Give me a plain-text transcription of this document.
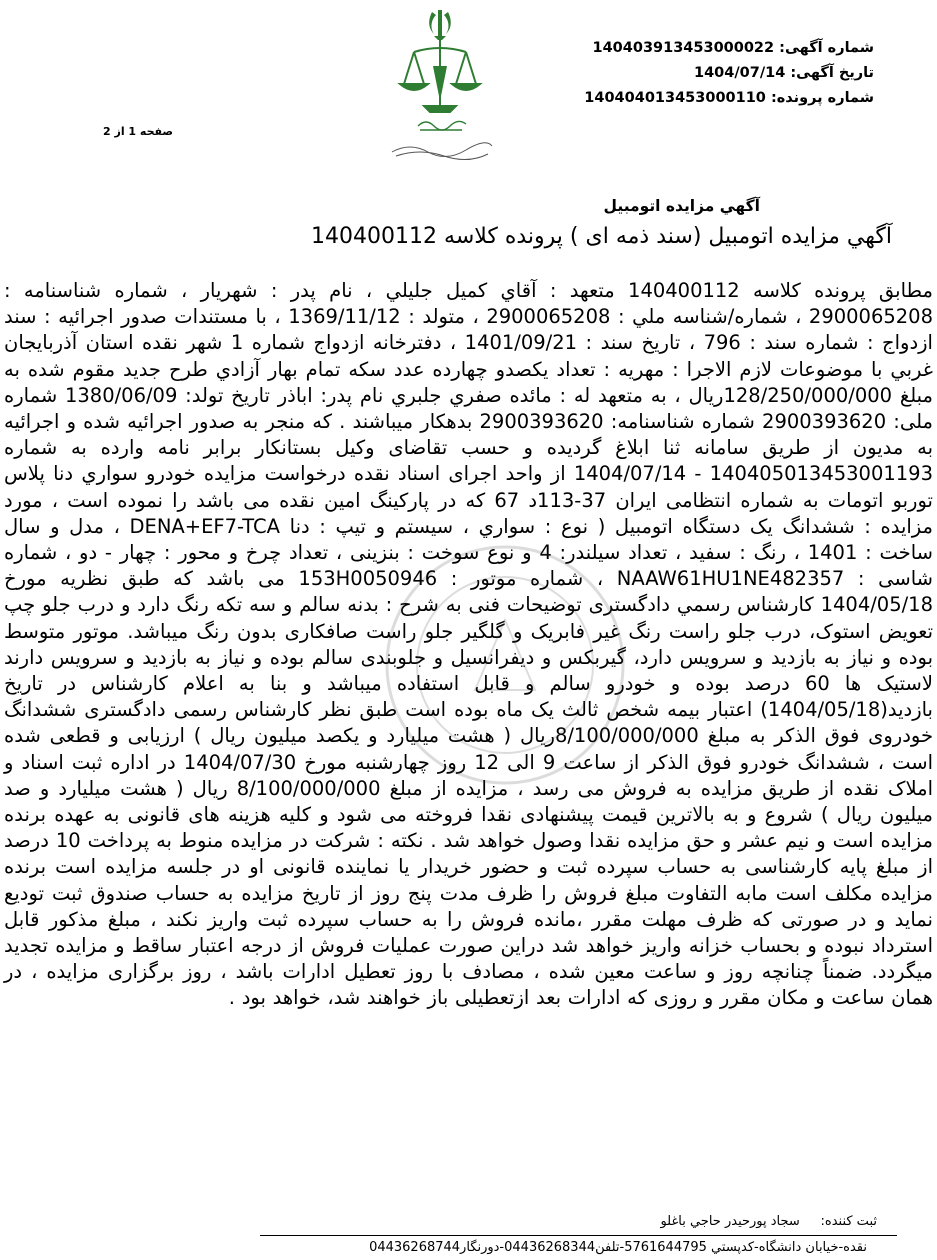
شماره آگهی: 140403913453000022
تاریخ آگهی: 1404/07/14
شماره پرونده: 140404013453000110
صفحه 1 از 2
آگهي مزايده اتومبيل
آگهي مزايده اتومبيل (سند ذمه ای ) پرونده کلاسه 140400112
مطابق پرونده كلاسه 140400112 متعهد : آقاي كميل جليلي ، نام پدر : شهريار ، شماره شناسنامه : 2900065208 ، شماره/شناسه ملي : 2900065208 ، متولد : 1369/11/12 ، با مستندات صدور اجرائيه : سند ازدواج : شماره سند : 796 ، تاريخ سند : 1401/09/21 ، دفترخانه ازدواج شماره 1 شهر نقده استان آذربايجان غربي با موضوعات لازم الاجرا : مهريه : تعداد يكصدو چهارده عدد سكه تمام بهار آزادي طرح جديد مقوم شده به مبلغ 128/250/000/000ريال ، به متعهد له : مائده صفري جلبري نام پدر: اباذر تاريخ تولد: 1380/06/09 شماره ملی: 2900393620 شماره شناسنامه: 2900393620 بدهكار ميباشند . كه منجر به صدور اجرائيه شده و اجرائيه به مديون از طريق سامانه ثنا ابلاغ گرديده و حسب تقاضای وكيل بستانكار برابر نامه وارده به شماره 140405013453001193 - 1404/07/14 از واحد اجرای اسناد نقده درخواست مزايده خودرو سواري دنا پلاس توربو اتومات به شماره انتظامی ايران 37-113د 67 كه در پاركينگ امين نقده می باشد را نموده است ، مورد مزايده : ششدانگ يک دستگاه اتومبيل ( نوع : سواري ، سيستم و تيپ : دنا DENA+EF7-TCA ، مدل و سال ساخت : 1401 ، رنگ : سفيد ، تعداد سيلندر: 4 و نوع سوخت : بنزينی ، تعداد چرخ و محور : چهار - دو ، شماره شاسی : NAAW61HU1NE482357 ، شماره موتور : 153H0050946 می باشد كه طبق نظريه مورخ 1404/05/18 كارشناس رسمي دادگستری توضيحات فنی به شرح : بدنه سالم و سه تكه رنگ دارد و درب جلو چپ تعويض استوک، درب جلو راست رنگ غير فابريک و گلگير جلو راست صافكاری بدون رنگ ميباشد. موتور متوسط بوده و نياز به بازديد و سرويس دارد، گيربكس و ديفرانسيل و جلوبندی سالم بوده و نياز به بازديد و سرويس دارند لاستيک ها 60 درصد بوده و خودرو سالم و قابل استفاده ميباشد و بنا به اعلام كارشناس در تاريخ بازديد(1404/05/18) اعتبار بيمه شخص ثالث يک ماه بوده است طبق نظر كارشناس رسمی دادگستری ششدانگ خودروی فوق الذكر به مبلغ 8/100/000/000ريال ( هشت ميليارد و يكصد ميليون ريال ) ارزيابی و قطعی شده است ، ششدانگ خودرو فوق الذكر از ساعت 9 الی 12 روز چهارشنبه مورخ 1404/07/30 در اداره ثبت اسناد و املاک نقده از طريق مزايده به فروش می رسد ، مزايده از مبلغ 8/100/000/000 ريال ( هشت ميليارد و صد ميليون ريال ) شروع و به بالاترين قيمت پيشنهادی نقدا فروخته می شود و كليه هزينه های قانونی به عهده برنده مزايده است و نيم عشر و حق مزايده نقدا وصول خواهد شد . نكته : شركت در مزايده منوط به پرداخت 10 درصد از مبلغ پايه كارشناسی به حساب سپرده ثبت و حضور خريدار يا نماينده قانونی او در جلسه مزايده است برنده مزايده مكلف است مابه التفاوت مبلغ فروش را ظرف مدت پنج روز از تاريخ مزايده به حساب صندوق ثبت توديع نمايد و در صورتی كه ظرف مهلت مقرر ،مانده فروش را به حساب سپرده ثبت واريز نكند ، مبلغ مذكور قابل استرداد نبوده و بحساب خزانه واريز خواهد شد دراين صورت عمليات فروش از درجه اعتبار ساقط و مزايده تجديد ميگردد. ضمناً چنانچه روز و ساعت معين شده ، مصادف با روز تعطيل ادارات باشد ، روز برگزاری مزايده ، در همان ساعت و مكان مقرر و روزی كه ادارات بعد ازتعطيلی باز خواهند شد، خواهد بود .
ثبت كننده:     سجاد پورحيدر حاجي باغلو
نقده-خيابان دانشگاه-كدپستي 5761644795-تلفن04436268344-دورنگار04436268744
